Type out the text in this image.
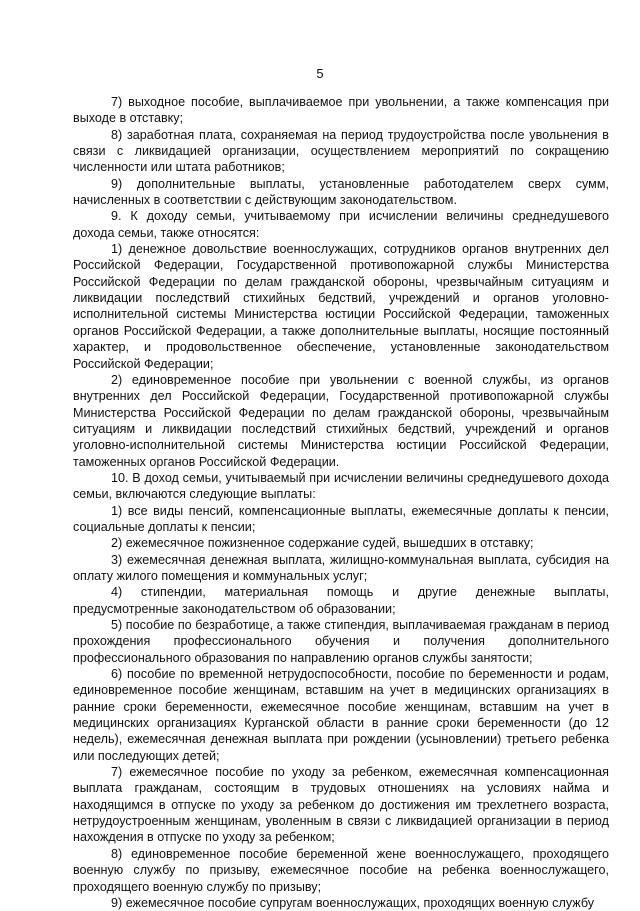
5

7) выходное пособие, выплачиваемое при увольнении, а также компенсация при выходе в отставку;

8) заработная плата, сохраняемая на период трудоустройства после увольнения в связи с ликвидацией организации, осуществлением мероприятий по сокращению численности или штата работников;

9) дополнительные выплаты, установленные работодателем сверх сумм, начисленных в соответствии с действующим законодательством.

9. К доходу семьи, учитываемому при исчислении величины среднедушевого дохода семьи, также относятся:

1) денежное довольствие военнослужащих, сотрудников органов внутренних дел Российской Федерации, Государственной противопожарной службы Министерства Российской Федерации по делам гражданской обороны, чрезвычайным ситуациям и ликвидации последствий стихийных бедствий, учреждений и органов уголовно-исполнительной системы Министерства юстиции Российской Федерации, таможенных органов Российской Федерации, а также дополнительные выплаты, носящие постоянный характер, и продовольственное обеспечение, установленные законодательством Российской Федерации;

2) единовременное пособие при увольнении с военной службы, из органов внутренних дел Российской Федерации, Государственной противопожарной службы Министерства Российской Федерации по делам гражданской обороны, чрезвычайным ситуациям и ликвидации последствий стихийных бедствий, учреждений и органов уголовно-исполнительной системы Министерства юстиции Российской Федерации, таможенных органов Российской Федерации.

10. В доход семьи, учитываемый при исчислении величины среднедушевого дохода семьи, включаются следующие выплаты:

1) все виды пенсий, компенсационные выплаты, ежемесячные доплаты к пенсии, социальные доплаты к пенсии;

2) ежемесячное пожизненное содержание судей, вышедших в отставку;

3) ежемесячная денежная выплата, жилищно-коммунальная выплата, субсидия на оплату жилого помещения и коммунальных услуг;

4) стипендии, материальная помощь и другие денежные выплаты, предусмотренные законодательством об образовании;

5) пособие по безработице, а также стипендия, выплачиваемая гражданам в период прохождения профессионального обучения и получения дополнительного профессионального образования по направлению органов службы занятости;

6) пособие по временной нетрудоспособности, пособие по беременности и родам, единовременное пособие женщинам, вставшим на учет в медицинских организациях в ранние сроки беременности, ежемесячное пособие женщинам, вставшим на учет в медицинских организациях Курганской области в ранние сроки беременности (до 12 недель), ежемесячная денежная выплата при рождении (усыновлении) третьего ребенка или последующих детей;

7) ежемесячное пособие по уходу за ребенком, ежемесячная компенсационная выплата гражданам, состоящим в трудовых отношениях на условиях найма и находящимся в отпуске по уходу за ребенком до достижения им трехлетнего возраста, нетрудоустроенным женщинам, уволенным в связи с ликвидацией организации в период нахождения в отпуске по уходу за ребенком;

8) единовременное пособие беременной жене военнослужащего, проходящего военную службу по призыву, ежемесячное пособие на ребенка военнослужащего, проходящего военную службу по призыву;

9) ежемесячное пособие супругам военнослужащих, проходящих военную службу
